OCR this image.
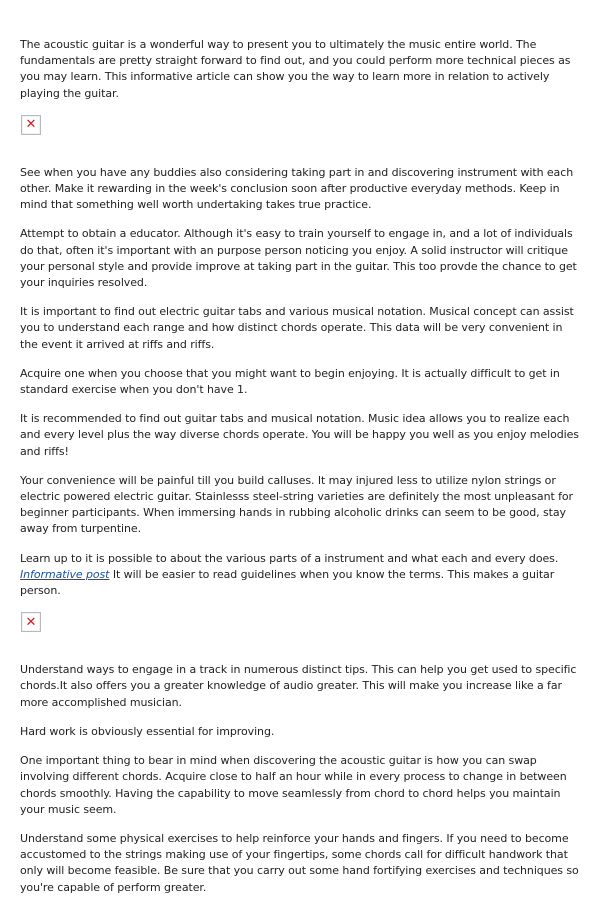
The acoustic guitar is a wonderful way to present you to ultimately the music entire world. The fundamentals are pretty straight forward to find out, and you could perform more technical pieces as you may learn. This informative article can show you the way to learn more in relation to actively playing the guitar.

✕

See when you have any buddies also considering taking part in and discovering instrument with each other. Make it rewarding in the week's conclusion soon after productive everyday methods. Keep in mind that something well worth undertaking takes true practice.

Attempt to obtain a educator. Although it's easy to train yourself to engage in, and a lot of individuals do that, often it's important with an purpose person noticing you enjoy. A solid instructor will critique your personal style and provide improve at taking part in the guitar. This too provde the chance to get your inquiries resolved.

It is important to find out electric guitar tabs and various musical notation. Musical concept can assist you to understand each range and how distinct chords operate. This data will be very convenient in the event it arrived at riffs and riffs.

Acquire one when you choose that you might want to begin enjoying. It is actually difficult to get in standard exercise when you don't have 1.

It is recommended to find out guitar tabs and musical notation. Music idea allows you to realize each and every level plus the way diverse chords operate. You will be happy you well as you enjoy melodies and riffs!

Your convenience will be painful till you build calluses. It may injured less to utilize nylon strings or electric powered electric guitar. Stainlesss steel-string varieties are definitely the most unpleasant for beginner participants. When immersing hands in rubbing alcoholic drinks can seem to be good, stay away from turpentine.

Learn up to it is possible to about the various parts of a instrument and what each and every does. Informative post It will be easier to read guidelines when you know the terms. This makes a guitar person.

✕

Understand ways to engage in a track in numerous distinct tips. This can help you get used to specific chords.It also offers you a greater knowledge of audio greater. This will make you increase like a far more accomplished musician.

Hard work is obviously essential for improving.

One important thing to bear in mind when discovering the acoustic guitar is how you can swap involving different chords. Acquire close to half an hour while in every process to change in between chords smoothly. Having the capability to move seamlessly from chord to chord helps you maintain your music seem.

Understand some physical exercises to help reinforce your hands and fingers. If you need to become accustomed to the strings making use of your fingertips, some chords call for difficult handwork that only will become feasible. Be sure that you carry out some hand fortifying exercises and techniques so you're capable of perform greater.
